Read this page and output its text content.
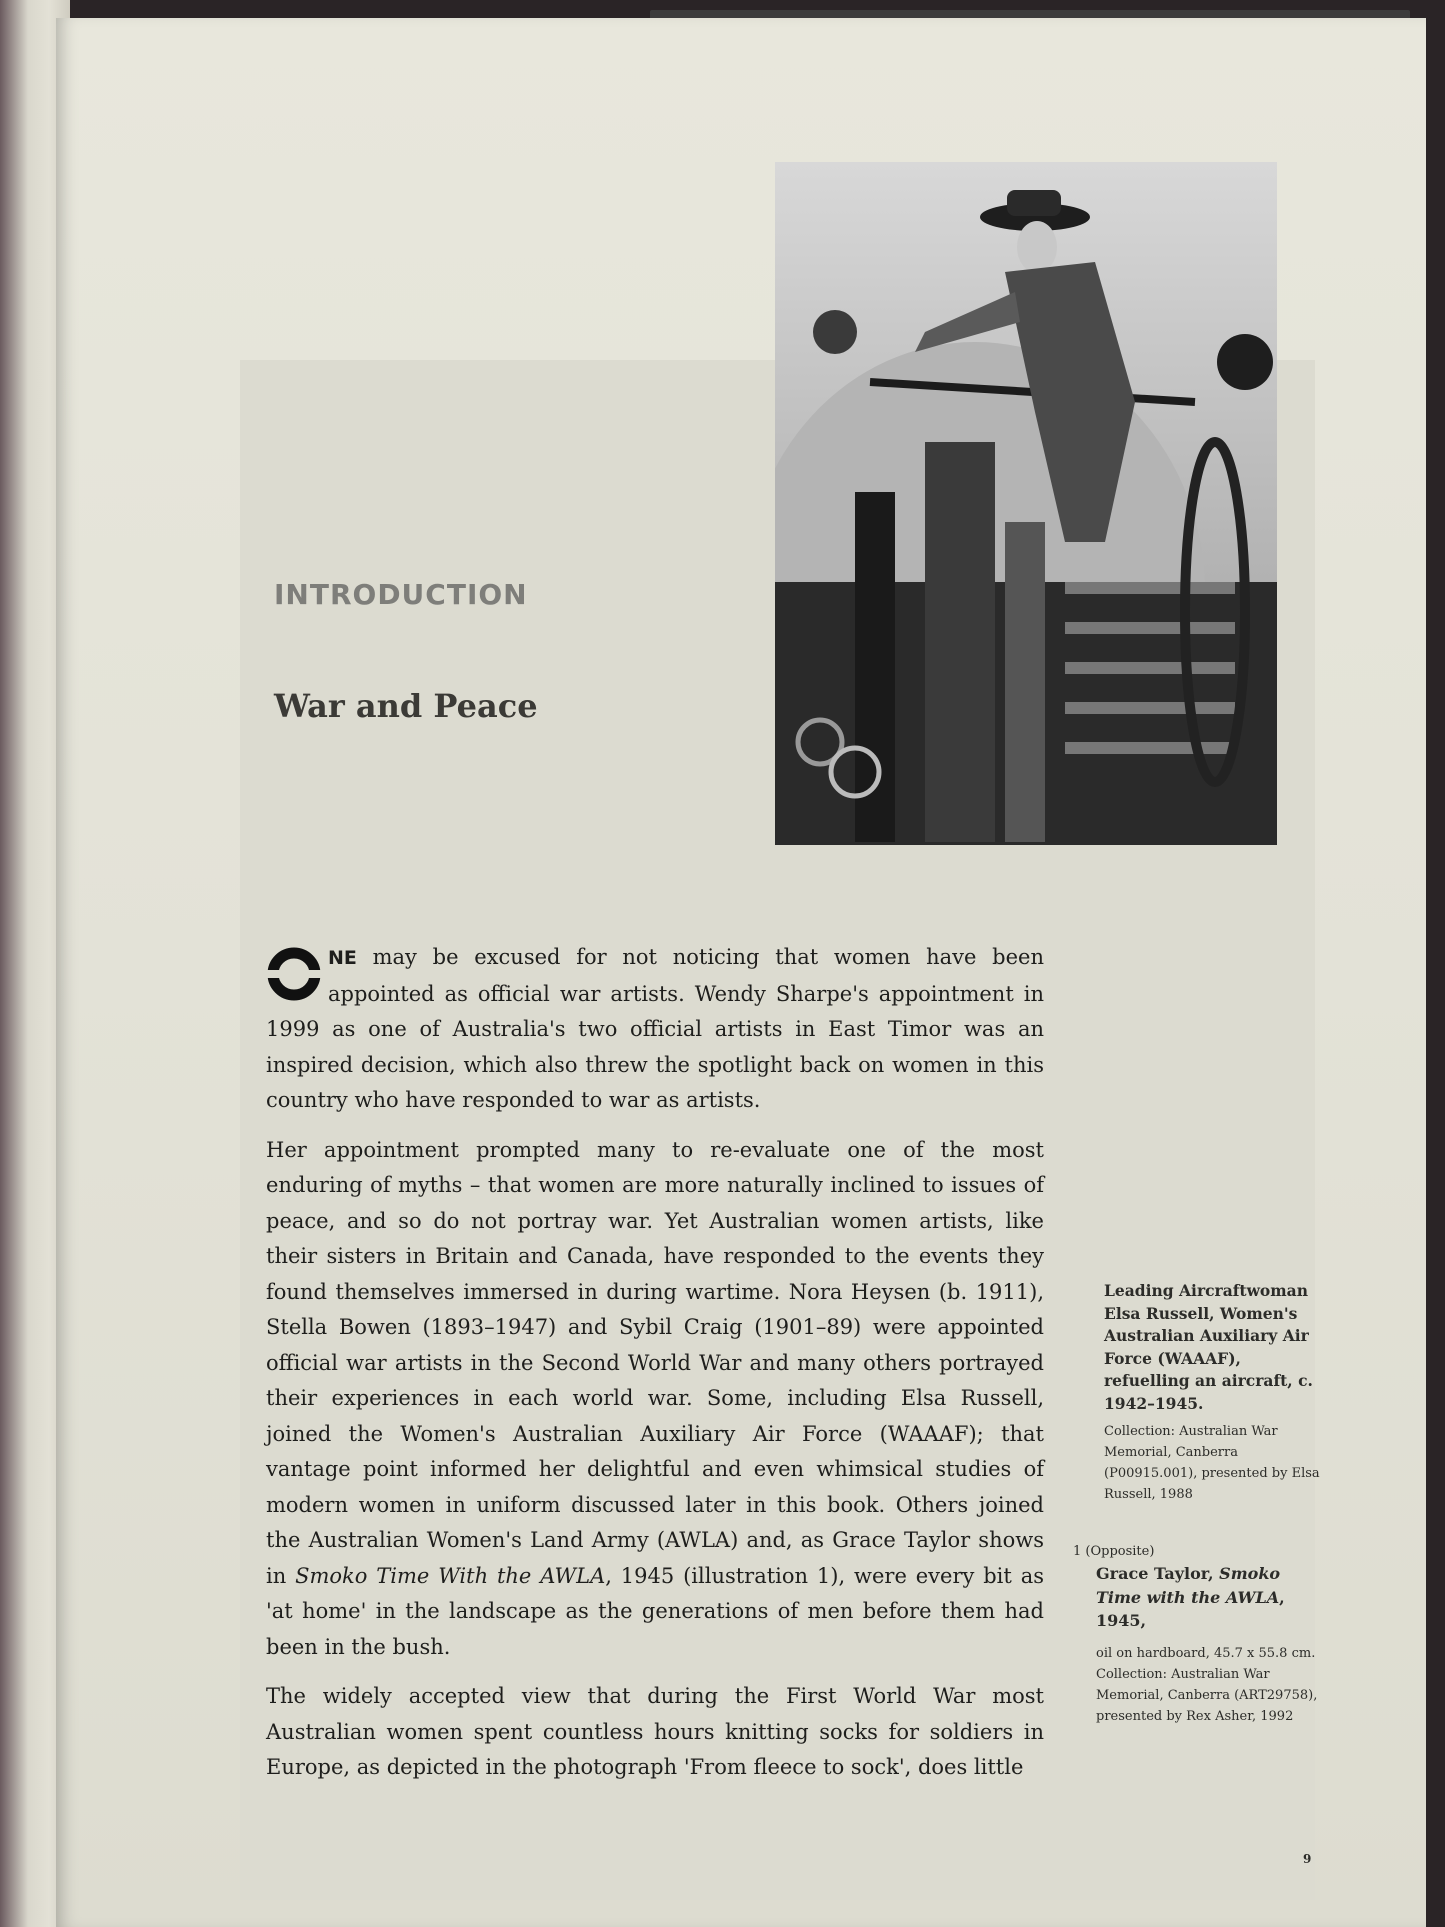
INTRODUCTION
War and Peace

NE may be excused for not noticing that women have been appointed as official war artists. Wendy Sharpe's appointment in 1999 as one of Australia's two official artists in East Timor was an inspired decision, which also threw the spotlight back on women in this country who have responded to war as artists.

Her appointment prompted many to re-evaluate one of the most enduring of myths – that women are more naturally inclined to issues of peace, and so do not portray war. Yet Australian women artists, like their sisters in Britain and Canada, have responded to the events they found themselves immersed in during wartime. Nora Heysen (b. 1911), Stella Bowen (1893–1947) and Sybil Craig (1901–89) were appointed official war artists in the Second World War and many others portrayed their experiences in each world war. Some, including Elsa Russell, joined the Women's Australian Auxiliary Air Force (WAAAF); that vantage point informed her delightful and even whimsical studies of modern women in uniform discussed later in this book. Others joined the Australian Women's Land Army (AWLA) and, as Grace Taylor shows in Smoko Time With the AWLA, 1945 (illustration 1), were every bit as 'at home' in the landscape as the generations of men before them had been in the bush.

The widely accepted view that during the First World War most Australian women spent countless hours knitting socks for soldiers in Europe, as depicted in the photograph 'From fleece to sock', does little

Leading Aircraftwoman Elsa Russell, Women's Australian Auxiliary Air Force (WAAAF), refuelling an aircraft, c. 1942–1945.

Collection: Australian War Memorial, Canberra (P00915.001), presented by Elsa Russell, 1988

1 (Opposite)

Grace Taylor, Smoko Time with the AWLA, 1945,

oil on hardboard, 45.7 x 55.8 cm. Collection: Australian War Memorial, Canberra (ART29758), presented by Rex Asher, 1992

9
